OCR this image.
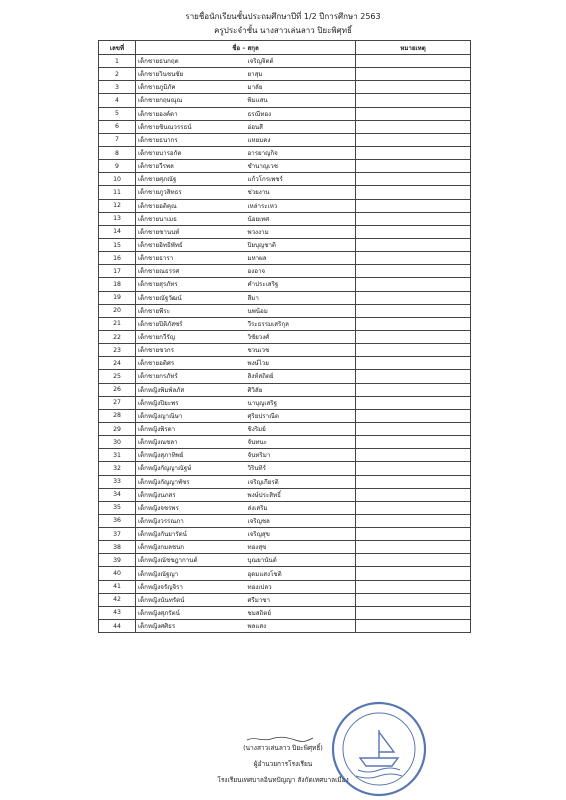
รายชื่อนักเรียนชั้นประถมศึกษาปีที่ 1/2 ปีการศึกษา 2563
ครูประจำชั้น นางสาวเล่นลาว ปิยะพิศุทธิ์
เลขที่	ชื่อ – สกุล		หมายเหตุ
1	เด็กชายธนกฤต	เจริญจิตต์	
2	เด็กชายวินชนชัย	ยาสุม	
3	เด็กชายภูมิภัค	มาลัย	
4	เด็กชายกฤษณุณ	พิมแสน	
5	เด็กชายองค์ดา	ธรณีทอง	
6	เด็กชายชินณวรรธน์	อ่อนสี	
7	เด็กชายธนากร	แหยมคง	
8	เด็กชายบารอกัต	อารยาญกิจ	
9	เด็กชายวีรพล	ชำนาญเวช	
10	เด็กชายศุภณัฐ	แก้วโกรเพชร์	
11	เด็กชายภูวสิทธร	ช่วยงาน	
12	เด็กชายอติคุณ	เหล่าระเหว	
13	เด็กชายนาเมธ	น้อยเทศ	
14	เด็กชายชานนท์	พวงงาม	
15	เด็กชายอิทธิพัทธ์	ปิยบุญชาติ	
16	เด็กชายธารา	มหาผล	
17	เด็กชายณธรรศ	องอาจ	
18	เด็กชายสุรภัทร	คำประเสริฐ	
19	เด็กชายณัฐวัฒน์	สีมา	
20	เด็กชายพีระ	นพน้อม	
21	เด็กชายปิติภัสซร์	วีระธรรมเสริกุล	
22	เด็กชายกวีรัญ	วิชัยวงศ์	
23	เด็กชายชวกร	ชวนเวช	
24	เด็กชายอติศร	พงษ์ไวย	
25	เด็กชายกรภัทร์	สิงห์สถิตย์	
26	เด็กหญิงพิมพ์ลภัส	ศิวิลัย	
27	เด็กหญิงปิยะพร	นาบุญเสริฐ	
28	เด็กหญิงญาณิษา	ศุริยปราณีต	
29	เด็กหญิงพิรดา	ชิงริมย์	
30	เด็กหญิงณชลา	จันทนะ	
31	เด็กหญิงสุภาทิพย์	จันทริมา	
32	เด็กหญิงกัญญาณัฐษ์	วิรินทิร์	
33	เด็กหญิงกัญญาพัชร	เจริญเกียรติ	
34	เด็กหญิงนภสร	พงษ์ประสิทธิ์	
35	เด็กหญิงจชรพร	ส่งเสริม	
36	เด็กหญิงวรรณภา	เจริญชล	
37	เด็กหญิงกันยารัตน์	เจริญสุข	
38	เด็กหญิงกมลชนก	ทองสุข	
39	เด็กหญิงณัชชฎากานต์	บุณยานันต์	
40	เด็กหญิงณัฐญา	อุดมแสงโชติ	
41	เด็กหญิงจรัญจิรา	ทองเปลว	
42	เด็กหญิงนันทรัตน์	ศรีมาชา	
43	เด็กหญิงศุภรัตน์	ชมสถิตย์	
44	เด็กหญิงศศิธร	พลแสง	
(นางสาวเล่นลาว ปิยะพิศุทธิ์)
ผู้อำนวยการโรงเรียน
โรงเรียนเทศบาลอินทปัญญา สังกัดเทศบาลเมือง
